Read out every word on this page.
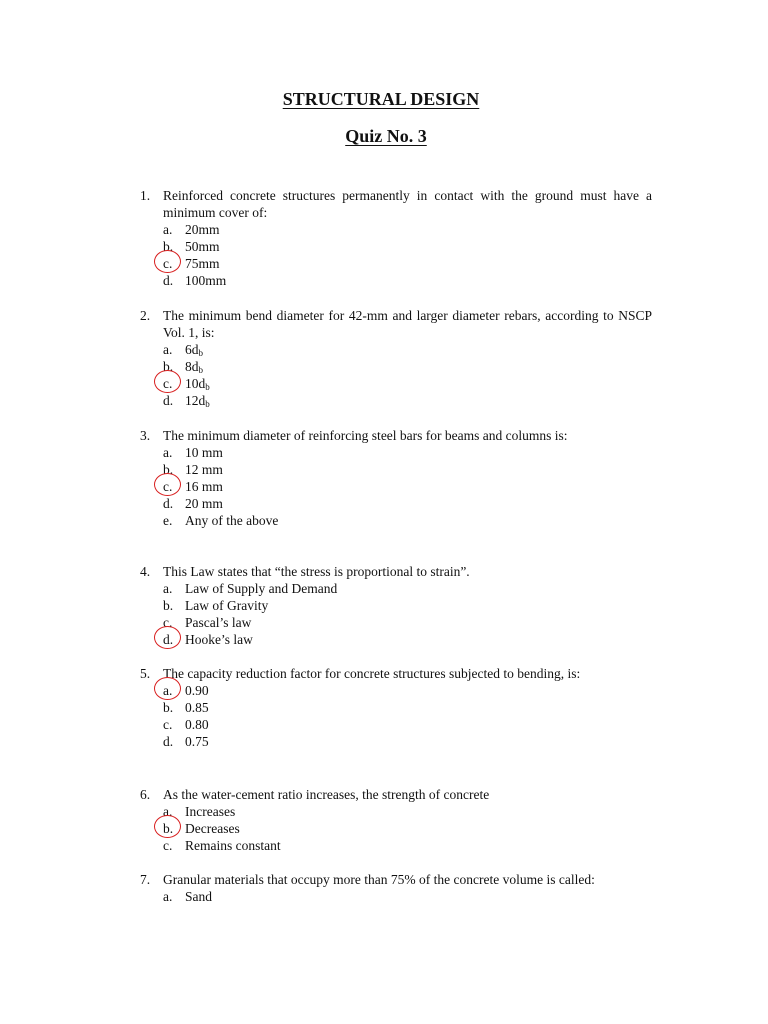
STRUCTURAL DESIGN
Quiz No. 3
1. Reinforced concrete structures permanently in contact with the ground must have a minimum cover of:
a. 20mm
b. 50mm
c. 75mm
d. 100mm
2. The minimum bend diameter for 42-mm and larger diameter rebars, according to NSCP Vol. 1, is:
a. $6d_b$
b. $8d_b$
c. $10d_b$
d. $12d_b$
3. The minimum diameter of reinforcing steel bars for beams and columns is:
a. 10 mm
b. 12 mm
c. 16 mm
d. 20 mm
e. Any of the above
4. This Law states that “the stress is proportional to strain”.
a. Law of Supply and Demand
b. Law of Gravity
c. Pascal’s law
d. Hooke’s law
5. The capacity reduction factor for concrete structures subjected to bending, is:
a. 0.90
b. 0.85
c. 0.80
d. 0.75
6. As the water-cement ratio increases, the strength of concrete
a. Increases
b. Decreases
c. Remains constant
7. Granular materials that occupy more than 75% of the concrete volume is called:
a. Sand
